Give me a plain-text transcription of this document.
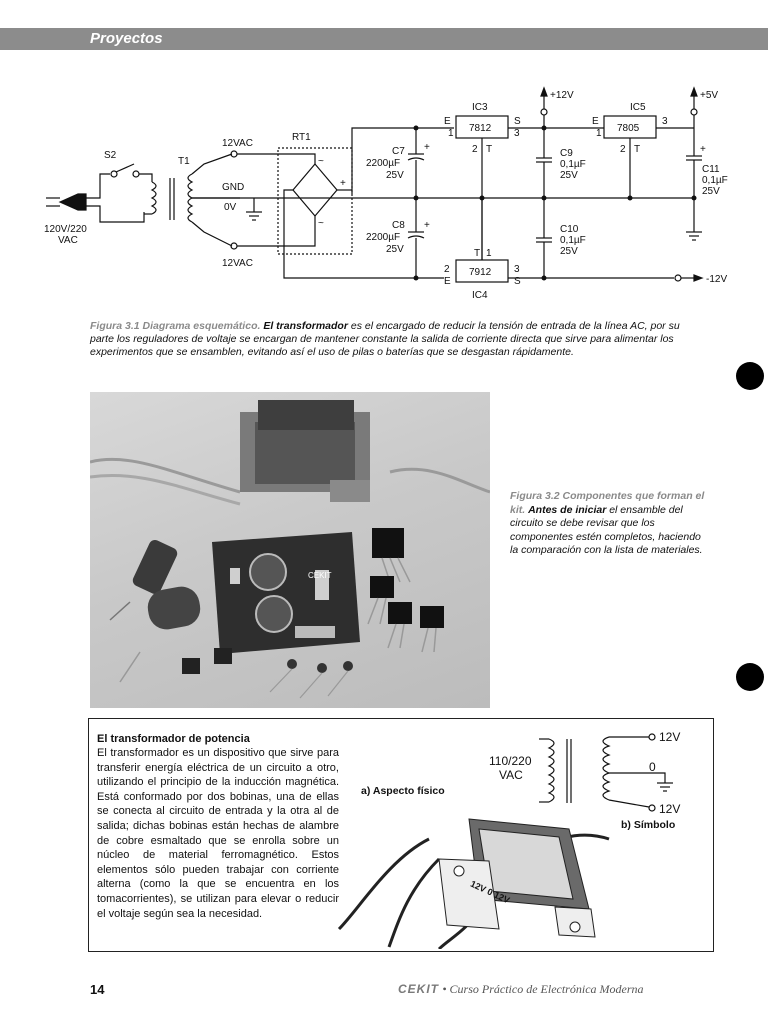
Proyectos
S2
T1
RT1
12VAC
GND
0V
12VAC
120V/220
VAC
IC3
7812
IC5
7805
IC4
7912
+12V	+5V
-12V
C7
2200µF
25V
C8
2200µF
25V
C9
0,1µF
25V
C10
0,1µF
25V
C11
0,1µF
25V
E
1
S
3
2 T
E
1
3
2 T
2
E
3
S
T 1
+
+
+
+
~
~
Figura 3.1 Diagrama esquemático. El transformador es el encargado de reducir la tensión de entrada de la línea AC, por su parte los reguladores de voltaje se encargan de mantener constante la salida de corriente directa que sirve para alimentar los experimentos que se ensamblen, evitando así el uso de pilas o baterías que se desgastan rápidamente.
CEKIT
Figura 3.2 Componentes que forman el kit. Antes de iniciar el ensamble del circuito se debe revisar que los componentes estén completos, haciendo la comparación con la lista de materiales.
El transformador de potencia
El transformador es un dispositivo que sirve para transferir energía eléctrica de un circuito a otro, utilizando el principio de la inducción magnética. Está conformado por dos bobinas, una de ellas se conecta al circuito de entrada y la otra al de salida; dichas bobinas están hechas de alambre de cobre esmaltado que se enrolla sobre un núcleo de material ferromagnético. Estos elementos sólo pueden trabajar con corriente alterna (como la que se encuentra en los tomacorrientes), se utilizan para elevar o reducir el voltaje según sea la necesidad.
a) Aspecto físico
b) Símbolo
110/220
VAC
12V
0
12V
12V 0 12V
14	CEKIT • Curso Práctico de Electrónica Moderna
